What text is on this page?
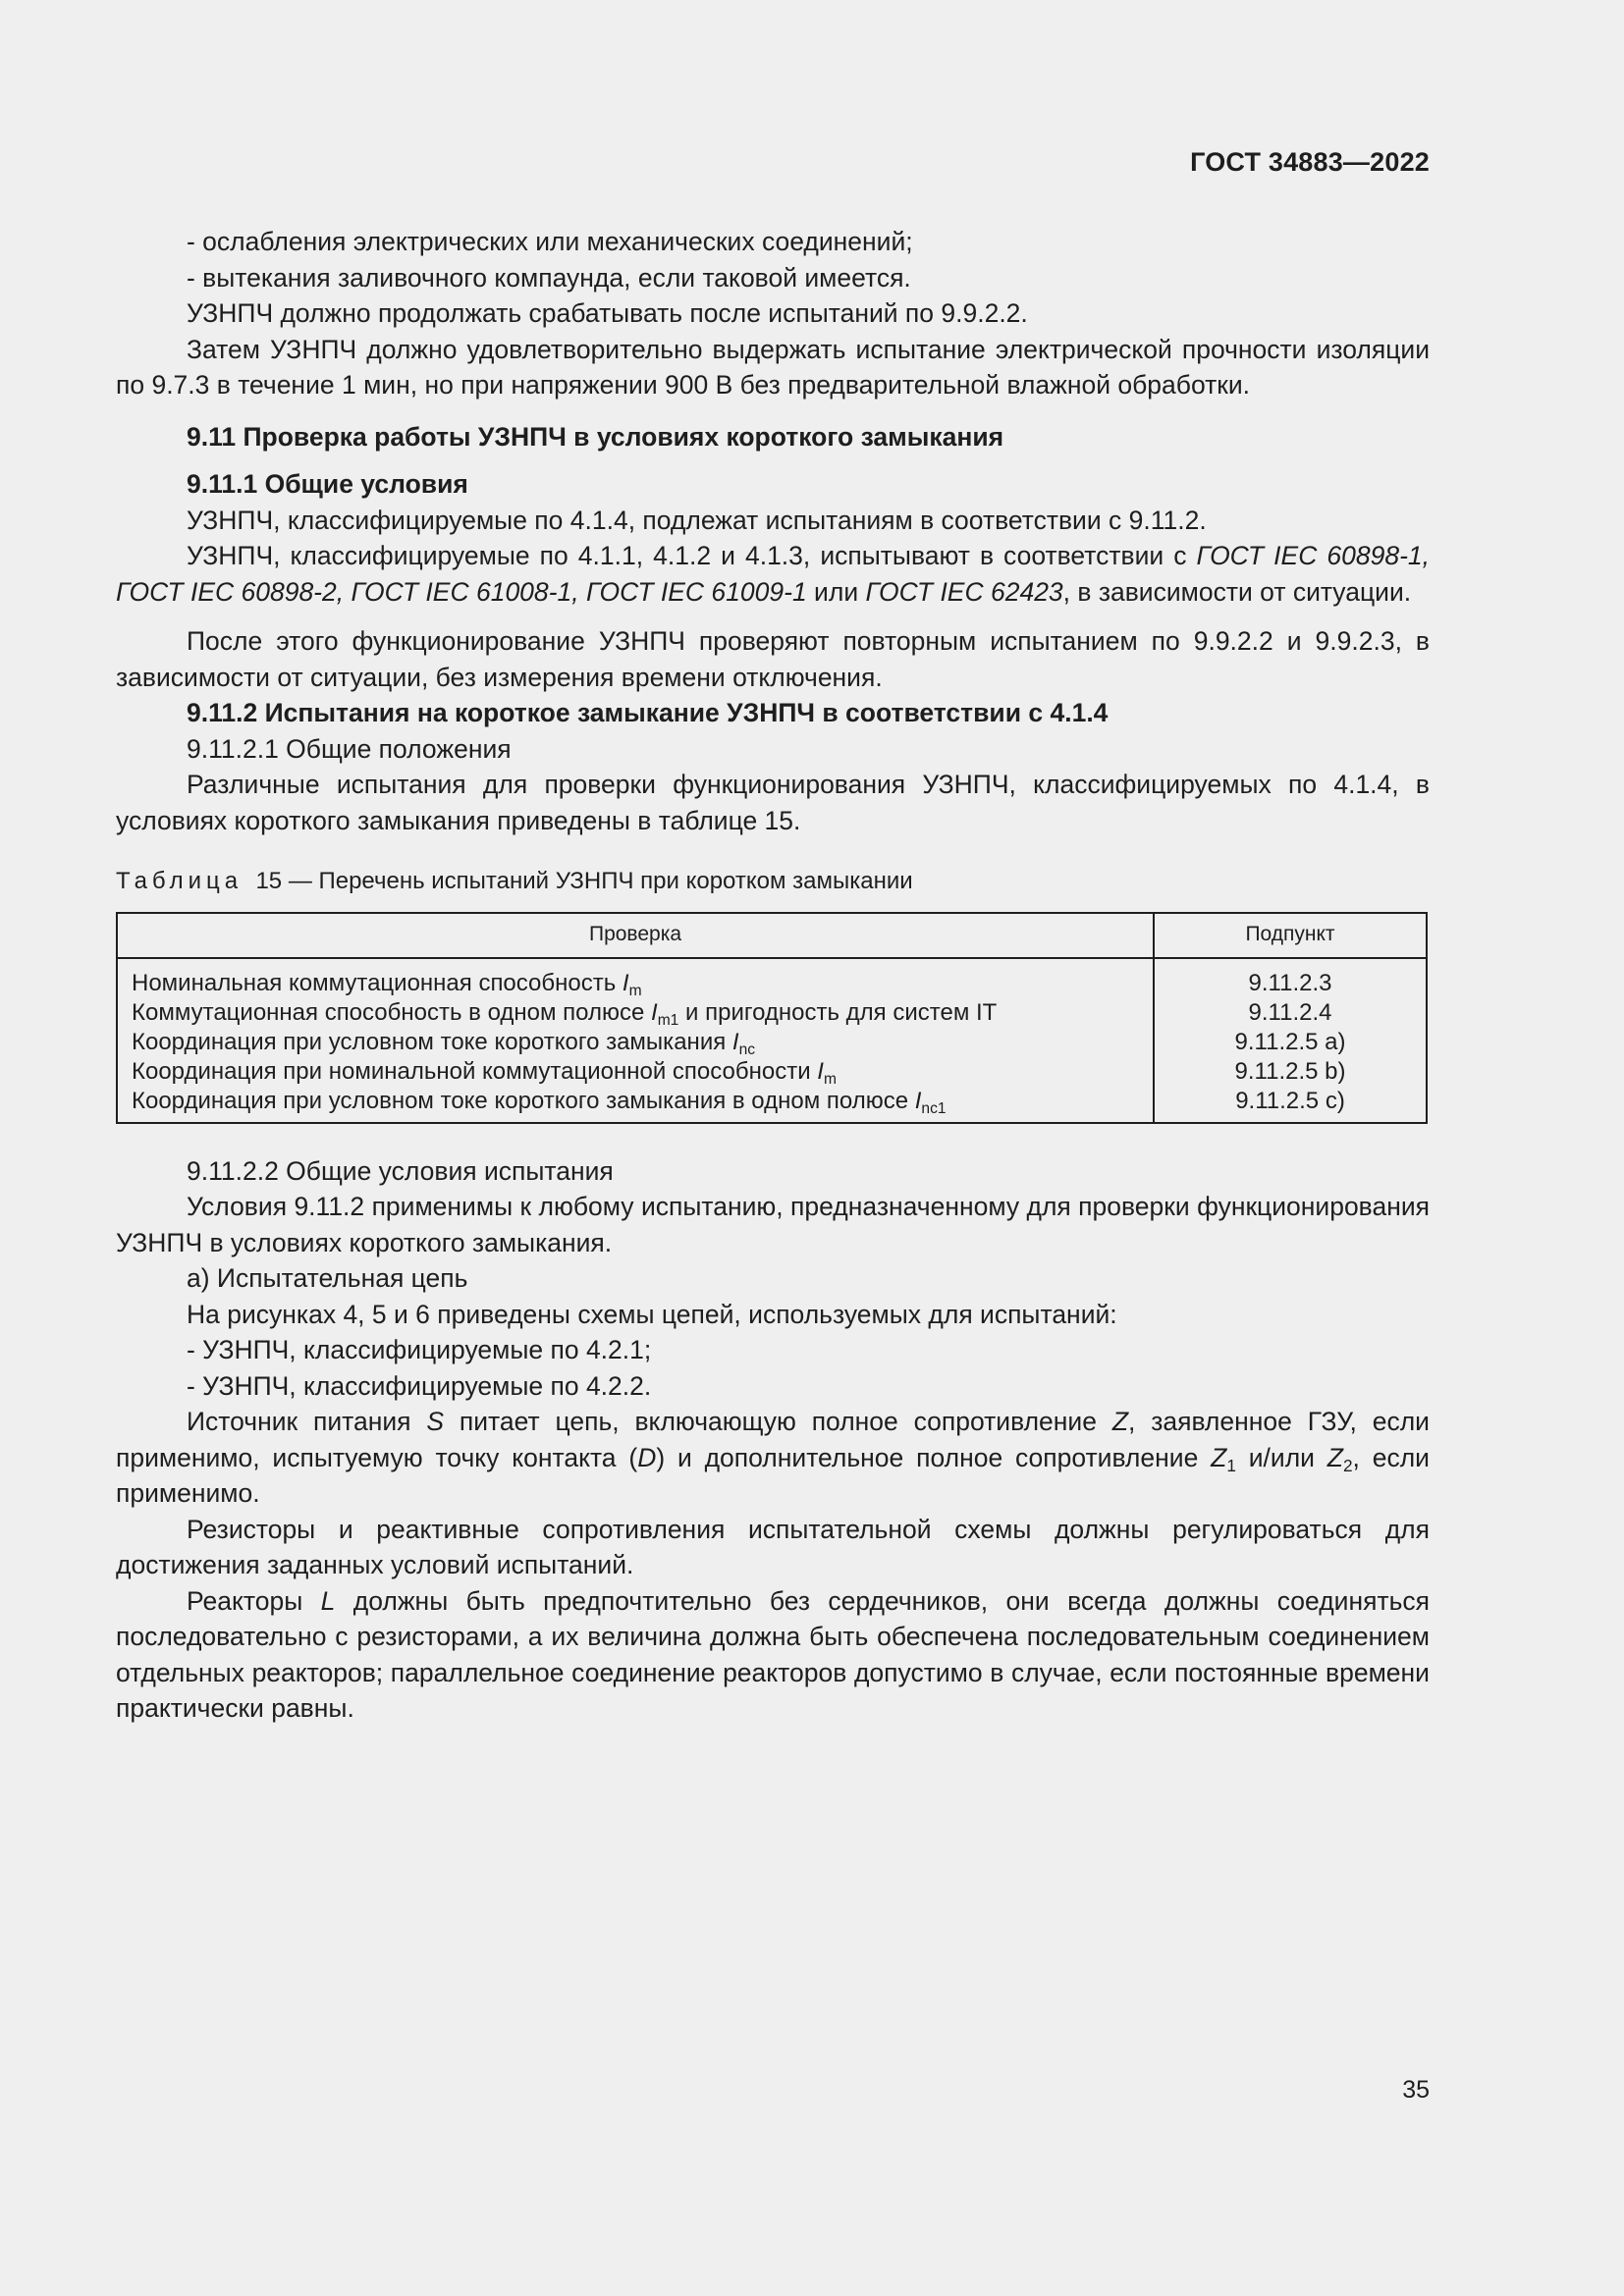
ГОСТ 34883—2022

- ослабления электрических или механических соединений;

- вытекания заливочного компаунда, если таковой имеется.

УЗНПЧ должно продолжать срабатывать после испытаний по 9.9.2.2.

Затем УЗНПЧ должно удовлетворительно выдержать испытание электрической прочности изоляции по 9.7.3 в течение 1 мин, но при напряжении 900 В без предварительной влажной обработки.

9.11 Проверка работы УЗНПЧ в условиях короткого замыкания

9.11.1 Общие условия

УЗНПЧ, классифицируемые по 4.1.4, подлежат испытаниям в соответствии с 9.11.2.

УЗНПЧ, классифицируемые по 4.1.1, 4.1.2 и 4.1.3, испытывают в соответствии с ГОСТ IEC 60898-1, ГОСТ IEC 60898-2, ГОСТ IEC 61008-1, ГОСТ IEC 61009-1 или ГОСТ IEC 62423, в зависимости от ситуации.

После этого функционирование УЗНПЧ проверяют повторным испытанием по 9.9.2.2 и 9.9.2.3, в зависимости от ситуации, без измерения времени отключения.

9.11.2 Испытания на короткое замыкание УЗНПЧ в соответствии с 4.1.4

9.11.2.1 Общие положения

Различные испытания для проверки функционирования УЗНПЧ, классифицируемых по 4.1.4, в условиях короткого замыкания приведены в таблице 15.

Таблица 15 — Перечень испытаний УЗНПЧ при коротком замыкании

Проверка	Подпункт
Номинальная коммутационная способность $I_m$	9.11.2.3
Коммутационная способность в одном полюсе $I_{m1}$ и пригодность для систем IT	9.11.2.4
Координация при условном токе короткого замыкания $I_{nc}$	9.11.2.5 a)
Координация при номинальной коммутационной способности $I_m$	9.11.2.5 b)
Координация при условном токе короткого замыкания в одном полюсе $I_{nc1}$	9.11.2.5 c)

9.11.2.2 Общие условия испытания

Условия 9.11.2 применимы к любому испытанию, предназначенному для проверки функционирования УЗНПЧ в условиях короткого замыкания.

а) Испытательная цепь

На рисунках 4, 5 и 6 приведены схемы цепей, используемых для испытаний:

- УЗНПЧ, классифицируемые по 4.2.1;

- УЗНПЧ, классифицируемые по 4.2.2.

Источник питания S питает цепь, включающую полное сопротивление Z, заявленное ГЗУ, если применимо, испытуемую точку контакта (D) и дополнительное полное сопротивление $Z_1$ и/или $Z_2$, если применимо.

Резисторы и реактивные сопротивления испытательной схемы должны регулироваться для достижения заданных условий испытаний.

Реакторы L должны быть предпочтительно без сердечников, они всегда должны соединяться последовательно с резисторами, а их величина должна быть обеспечена последовательным соединением отдельных реакторов; параллельное соединение реакторов допустимо в случае, если постоянные времени практически равны.

35
